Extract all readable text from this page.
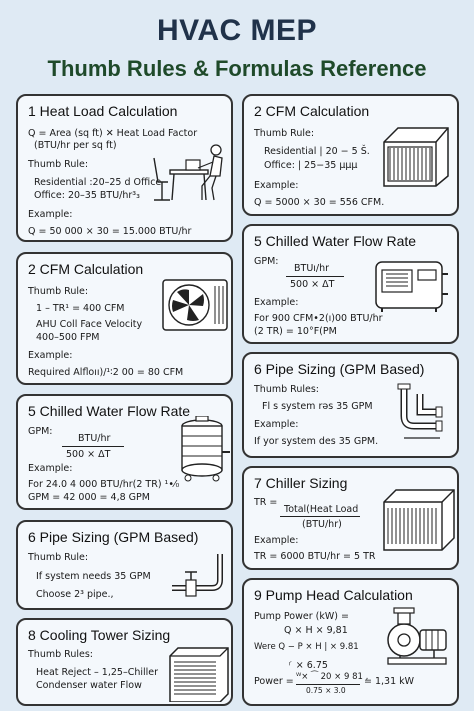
HVAC MEP
Thumb Rules & Formulas Reference
1 Heat Load Calculation
Q = Area (sq ft) ✕ Heat Load Factor
(BTU/hr per sq ft)
Thumb Rule:
Residential :20–25 d Office
Office: 20–35 BTU/hr³₃
Example:
Q = 50 000 × 30 = 15.000 BTU/hr
2 CFM Calculation
Thumb Rule:
Residential | 20 − 5 Š.
Office: | 25−35 μμμ
Example:
Q = 5000 × 30 = 556 CFM.
2 CFM Calculation
Thumb Rule:
1 – TR¹ = 400 CFM
AHU Coll Face Velocity
400–500 FPM
Example:
Required Alfloıı)/¹∶2 00 = 80 CFM
5 Chilled Water Flow Rate
GPM:
BTUı/hr
500 × ΔT
Example:
For 900 CFM•2(ı)00 BTU/hr
(2 TR) = 10°F(PM
5 Chilled Water Flow Rate
GPM:
BTU/hr
500 × ΔT
Example:
For 24.0 4 000 BTU/hr(2 TR) ¹•⁄₀
GPM = 42 000 = 4,8 GPM
6 Pipe Sizing (GPM Based)
Thumb Rules:
Fl s system rəs 35 GPM
Example:
If yor system des 35 GPM.
6 Pipe Sizing (GPM Based)
Thumb Rule:
If system needs 35 GPM
Choose 2³ pipe.,
7 Chiller Sizing
TR =
Total(Heat Load
(BTU/hr)
Example:
TR = 6000 BTU/hr = 5 TR
8 Cooling Tower Sizing
Thumb Rules:
Heat Reject – 1,25–Chiller
Condenser water Flow
9 Pump Head Calculation
Pump Power (kW) =
Q × H × 9,81
Were Q − P × H | × 9.81
⸂ × 6.75
Power = ᵂ× ⁀ 20 × 9 81 ,
0.75 × 3.0
= 1,31 kW
